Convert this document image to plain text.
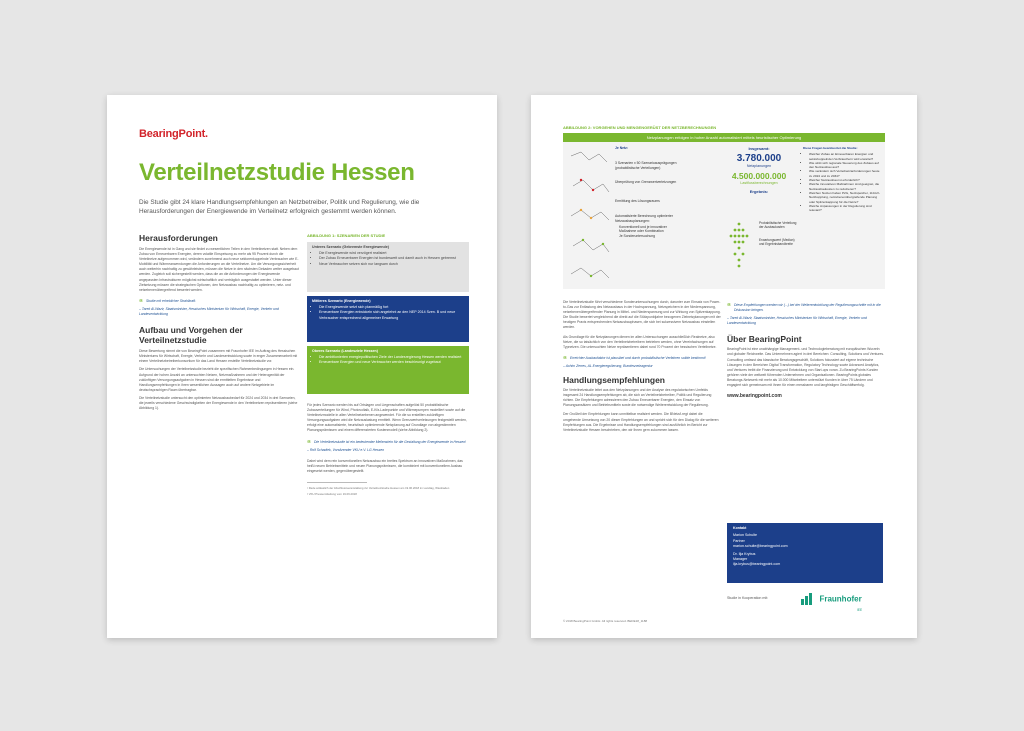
BearingPoint.
Verteilnetzstudie Hessen
Die Studie gibt 24 klare Handlungsempfehlungen an Netzbetreiber, Politik und Regulierung, wie die Herausforderungen der Energiewende im Verteilnetz erfolgreich gestemmt werden können.
Herausforderungen
Die Energiewende ist in Gang und sie findet zu wesentlichen Teilen in den Verteilnetzen statt. Neben dem Zubau von Erneuerbaren Energien, deren volatile Einspeisung zu mehr als 95 Prozent durch die Verteilnetze aufgenommen wird, verändern zunehmend auch neue sektorenkoppelnde Verbraucher wie E-Mobilität und Wärmeanwendungen die Anforderungen an die Verteilnetze. Um die Versorgungssicherheit auch weiterhin nachhaltig zu gewährleisten, müssen die Netze in den nächsten Dekaden weiter ausgebaut werden. Zugleich soll sichergestellt werden, dass die an die Anforderungen der Energiewende angepassten Infrastrukturen möglichst wirtschaftlich und verträglich ausgestaltet werden. Unter dieser Zielsetzung müssen die strategischen Optionen, den Netzausbau nachhaltig zu optimieren, netz- und netzebenenübergreifend bewertet werden.
“ Studie mit erheblicher Strahlkraft.
– Tarek Al-Wazir, Staatsminister, Hessisches Ministerium für Wirtschaft, Energie, Verkehr und Landesentwicklung
Aufbau und Vorgehen der Verteilnetzstudie
Diese Bewertung nimmt die von BearingPoint zusammen mit Fraunhofer IEE im Auftrag des Hessischen Ministeriums für Wirtschaft, Energie, Verkehr und Landesentwicklung sowie in enger Zusammenarbeit mit einem Verteilnetzbetreiberkonsortium für das Land Hessen erstellte Verteilnetzstudie vor.
Die Untersuchungen der Verteilnetzstudie bezieht die spezifischen Rahmenbedingungen in Hessen ein. Aufgrund der hohen Anzahl an untersuchten Netzen, Netzmaßnahmen und der Heterogenität der zukünftigen Versorgungsaufgaben in Hessen sind die ermittelten Ergebnisse und Handlungsempfehlungen in ihren wesentlichen Aussagen auch auf andere Netzgebiete im deutschsprachigen Raum übertragbar.
Die Verteilnetzstudie untersucht den optimierten Netzausbaubedarf für 2024 und 2034 in drei Szenarien, die jeweils verschiedene Geschwindigkeiten der Energiewende in den Verteilnetzen repräsentieren (siehe Abbildung 1).
ABBILDUNG 1: SZENARIEN DER STUDIE
Unteres Szenario (Gebremste Energiewende)
• Die Energiewende wird verzögert realisiert
• Der Zubau Erneuerbarer Energien ist bundesweit und damit auch in Hessen gebremst
• Neue Verbraucher setzen sich nur langsam durch
Mittleres Szenario (Energiewende)
• Die Energiewende setzt sich planmäßig fort
• Erneuerbare Energien entwickeln sich angelehnt an den NEP 2014 Szen. B und neue Verbraucher entsprechend allgemeiner Erwartung
Oberes Szenario (Landesziele Hessen)
• Die ambitionierten energiepolitischen Ziele der Landesregierung Hessen werden realisiert
• Erneuerbare Energien und neue Verbraucher werden beschleunigt zugebaut
Für jedes Szenario werden bis auf Ortslagen und Liegenschaften aufgelöst 50 probabilistische Zubauverteilungen für Wind, Photovoltaik, E-Kfz-Ladepunkte und Wärmepumpen modelliert sowie auf die Verteilnetzmodelle in allen Verteilnetzebenen angewendet. Für die so erstellten zukünftigen Versorgungsaufgaben wird die Netzauslastung ermittelt. Wenn Grenzwertverletzungen festgestellt werden, erfolgt eine automatisierte, heuristisch optimierende Netzplanung auf Grundlage von abgestimmten Planungsprämissen und einem differenzierten Kostenmodell (siehe Abbildung 2).
“ Die Verteilnetzstudie ist ein bedeutender Meilenstein für die Gestaltung der Energiewende in Hessen!
– Rolf Schadiek, Vorsitzender VKU e.V. LG Hessen
Dabei wird dem rein konventionellen Netzausbau ein breites Spektrum an innovativen Maßnahmen, das heißt neuen Betriebsmitteln und neuen Planungsprämissen, die kombiniert mit konventionellem Ausbau eingesetzt werden, gegenübergestellt.
¹ Rede anlässlich der Abschlussveranstaltung zur Verteilnetzstudie Hessen am 19.06.2018 im Landtag, Wiesbaden
² VKU Pressemitteilung vom 19.06.2018
ABBILDUNG 2: VORGEHEN UND MENGENGERÜST DER NETZBERECHNUNGEN
Netzplanungen erfolgen in hoher Anzahl automatisiert mittels heuristischer Optimierung
Je Netz:
3 Szenarien x 50 Szenarioausprägungen (probabilistische Verteilungen)
Überprüfung von Grenzwertverletzungen
Ermittlung des Lösungsraums
Automatisierte Berechnung optimierter Netzausbauplanungen:
Konventionell und je innovativer Maßnahme oder Kombination
Je Sonderuntersuchung
Insgesamt:
3.780.000
Netzplanungen
4.500.000.000
Lastflussberechnungen
Ergebnis:
Probabilistische Verteilung der Ausbaukosten
Erwartungswert (Median) und Ergebnisbandbreite
Diese Fragen beantwortet die Studie:
• Welcher Zubau an Erneuerbaren Energien und sektorkoppelnden Verbrauchern wird erwartet?
• Wie wirkt sich regionale Steuerung des Zubaus auf den Netzausbau aus?
• Wie verändern sich Verteilnetzanforderungen heute zu 2024 und zu 2034?
• Welcher Netzausbau ist erforderlich?
• Welche innovativen Maßnahmen sind geeignet, die Netzausbaukosten zu reduzieren?
• Welchen Nutzen haben P2G, Netzspeicher, 110-kV-Netzkopplung, netzebenenübergreifende Planung oder Spitzenkappung für die Netze?
• Welche Anpassungen in der Regulierung sind relevant?
Die Verteilnetzstudie führt verschiedene Sonderuntersuchungen durch, darunter zum Einsatz von Power-to-Gas zur Entlastung des Netzausbaus in der Hochspannung, Netzspeichern in der Niederspannung, netzebenenübergreifender Planung in Mittel- und Niederspannung und zur Wirkung von Spitzenkappung. Die Studie bewertet vergleichend die direkt auf die Stützpunktjahre bezogenen Zielnetzplanungen mit der heutigen Praxis entsprechenden Netzausbauphasen, die sich bei sukzessivem Netzausbau einstellen werden.
Als Grundlage für die Netzplanungen dienen im allen Untersuchungen ausschließlich Realnetze, also Netze, die so tatsächlich von den Verteilnetzbetreibern betrieben werden, ohne Vereinfachungen auf Typnetzen. Die untersuchten Netze repräsentieren dabei rund 70 Prozent der hessischen Verteilnetze.
“ Erreichter Ausbaufaktor ist plausibel und durch probabilistische Verfahren solide bestimmt!
– Achim Zerres, AL Energieregulierung, Bundesnetzagentur
Handlungsempfehlungen
Die Verteilnetzstudie leitet aus den Netzplanungen und der Analyse des regulatorischen Umfelds insgesamt 24 Handlungsempfehlungen ab, die sich an Verteilnetzbetreiber, Politik und Regulierung richten. Die Empfehlungen adressieren den Zubau Erneuerbarer Energien, den Einsatz von Planungsansätzen und Betriebsmitteln sowie die notwendige Weiterentwicklung der Regulierung.
Der Großteil der Empfehlungen kann unmittelbar realisiert werden. Die BNetzA regt dabei die umgehende Umsetzung von 20 dieser Empfehlungen an und spricht sich für den Dialog für die weiteren Empfehlungen aus. Die Ergebnisse und Handlungsempfehlungen sind ausführlich im Bericht zur Verteilnetzstudie Hessen beschrieben, den wir Ihnen gern zukommen lassen.
© 2018 BearingPoint GmbH. All rights reserved. BEDE18_1188
“ Diese Empfehlungen werden wir (...) bei der Weiterentwicklung der Regulierungsschritte mit in die Diskussion bringen.
– Tarek Al-Wazir, Staatsminister, Hessisches Ministerium für Wirtschaft, Energie, Verkehr und Landesentwicklung
Über BearingPoint
BearingPoint ist eine unabhängige Management- und Technologieberatung mit europäischen Wurzeln und globaler Reichweite. Das Unternehmen agiert in drei Bereichen: Consulting, Solutions und Ventures. Consulting umfasst das klassische Beratungsgeschäft, Solutions fokussiert auf eigene technische Lösungen in den Bereichen Digital Transformation, Regulatory Technology sowie Advanced Analytics, und Ventures treibt die Finanzierung und Entwicklung von Start-ups voran. Zu BearingPoints Kunden gehören viele der weltweit führenden Unternehmen und Organisationen. BearingPoints globales Beratungs-Netzwerk mit mehr als 10.000 Mitarbeitern unterstützt Kunden in über 75 Ländern und engagiert sich gemeinsam mit ihnen für einen messbaren und langfristigen Geschäftserfolg.
www.bearingpoint.com
Kontakt
Marion Schulte
Partner
marion.schulte@bearingpoint.com
Dr. Ilja Krybus
Manager
ilja.krybus@bearingpoint.com
Studie in Kooperation mit:	Fraunhofer
IEE
